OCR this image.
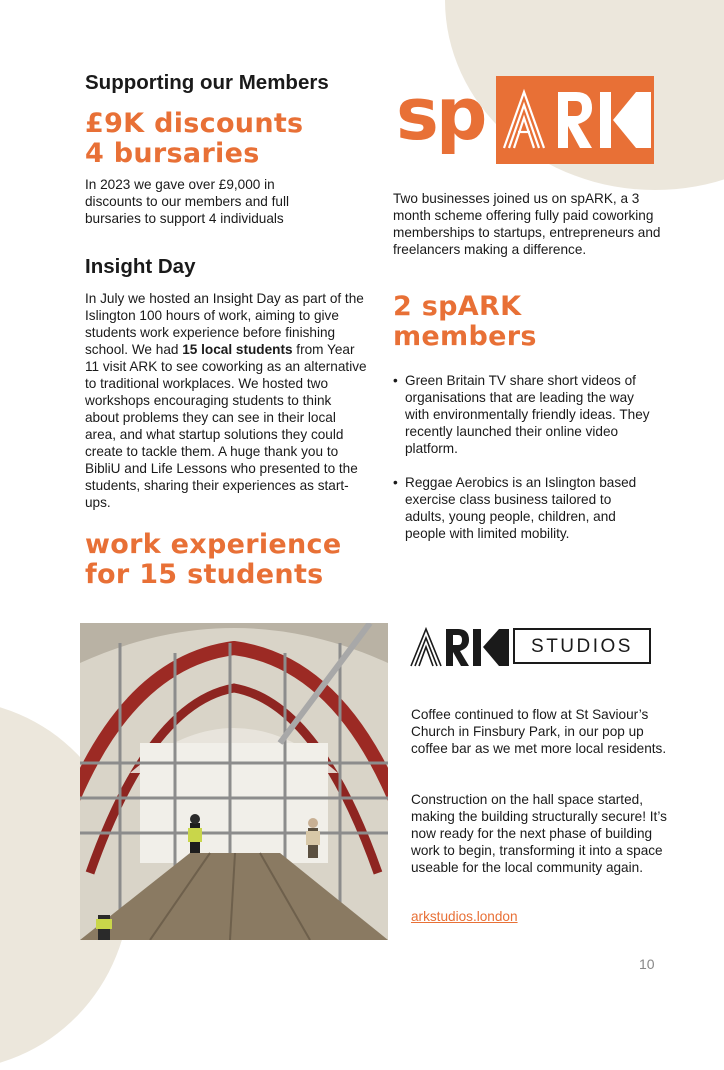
Supporting our Members

£9K discounts

4 bursaries

In 2023 we gave over £9,000 in discounts to our members and full bursaries to support 4 individuals

Insight Day

In July we hosted an Insight Day as part of the Islington 100 hours of work, aiming to give students work experience before finishing school. We had 15 local students from Year 11 visit ARK to see coworking as an alternative to traditional workplaces. We hosted two workshops encouraging students to think about problems they can see in their local area, and what startup solutions they could create to tackle them. A huge thank you to BibliU and Life Lessons who presented to the students, sharing their experiences as start-ups.

work experience

for 15 students

sp

Two businesses joined us on spARK, a 3 month scheme offering fully paid coworking memberships to startups, entrepreneurs and freelancers making a difference.

2 spARK

members

• Green Britain TV share short videos of organisations that are leading the way with environmentally friendly ideas. They recently launched their online video platform.
• Reggae Aerobics is an Islington based exercise class business tailored to adults, young people, children, and people with limited mobility.
STUDIOS

Coffee continued to flow at St Saviour’s Church in Finsbury Park, in our pop up coffee bar as we met more local residents.

Construction on the hall space started, making the building structurally secure! It’s now ready for the next phase of building work to begin, transforming it into a space useable for the local community again.

arkstudios.london
10
